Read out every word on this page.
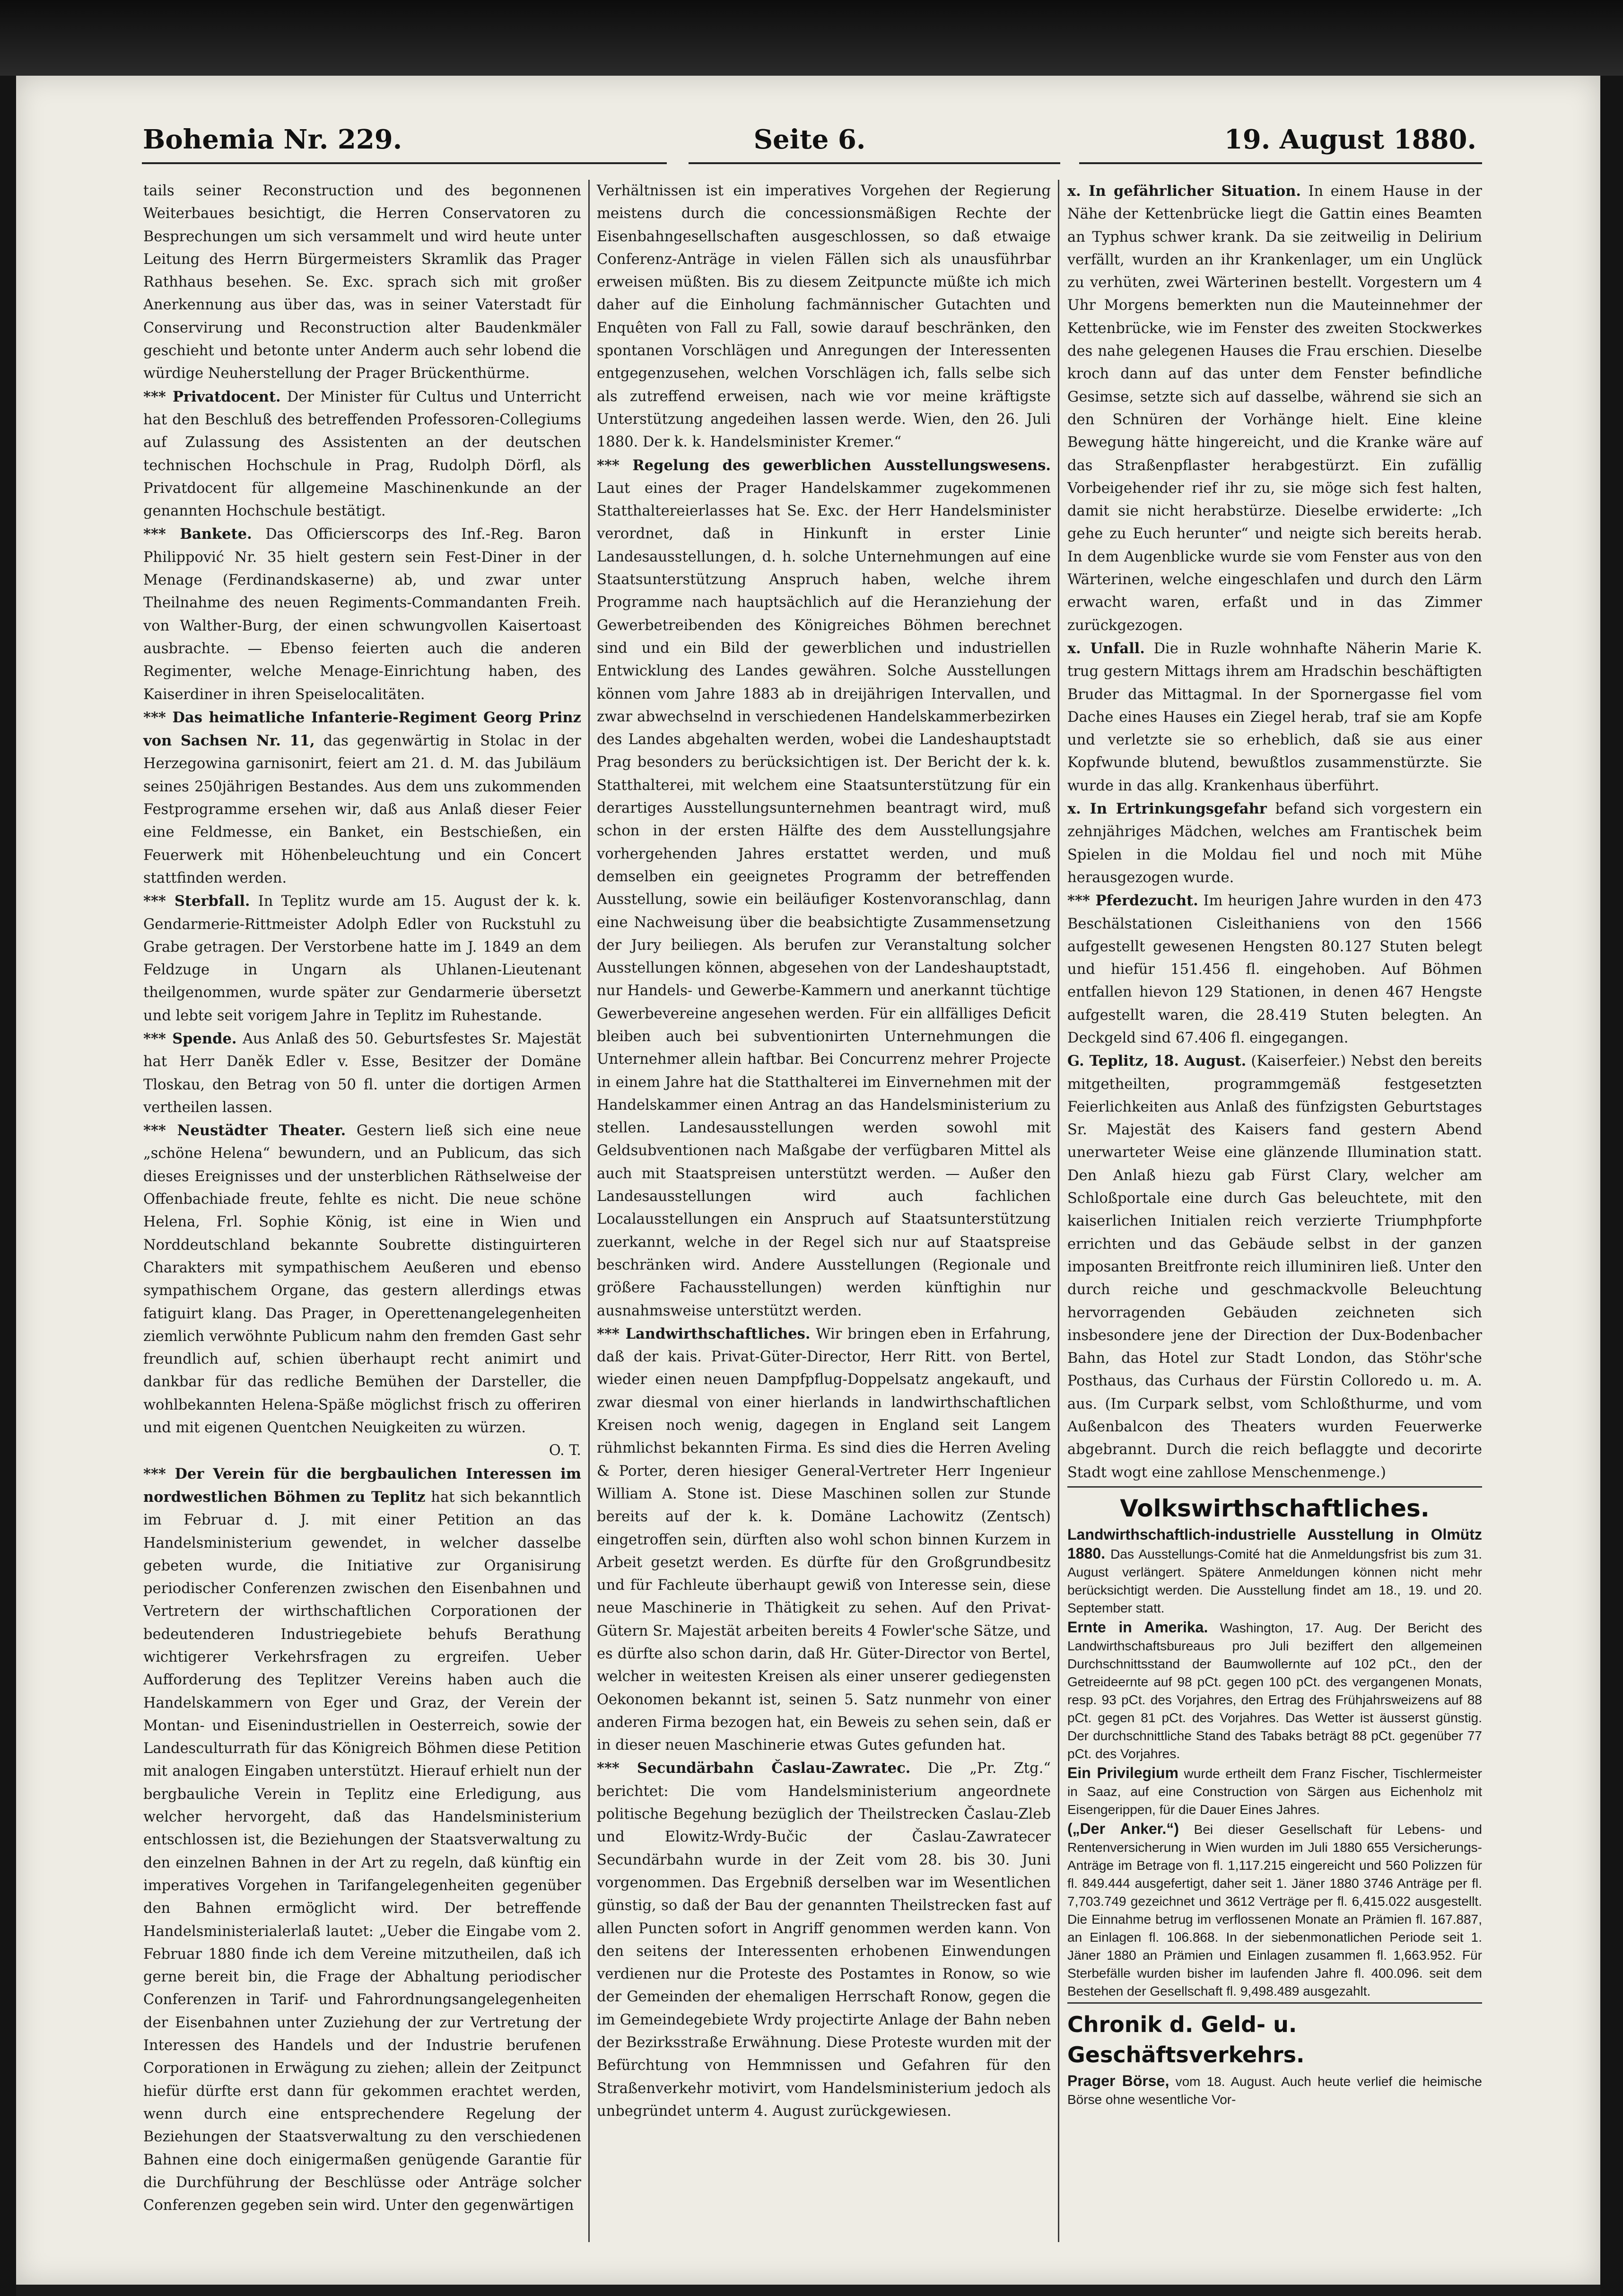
Bohemia Nr. 229.	Seite 6.	19. August 1880.

tails seiner Reconstruction und des begonnenen Weiterbaues besichtigt, die Herren Conservatoren zu Besprechungen um sich versammelt und wird heute unter Leitung des Herrn Bürgermeisters Skramlik das Prager Rathhaus besehen. Se. Exc. sprach sich mit großer Anerkennung aus über das, was in seiner Vaterstadt für Conservirung und Reconstruction alter Baudenkmäler geschieht und betonte unter Anderm auch sehr lobend die würdige Neuherstellung der Prager Brückenthürme.

*** Privatdocent. Der Minister für Cultus und Unterricht hat den Beschluß des betreffenden Professoren-Collegiums auf Zulassung des Assistenten an der deutschen technischen Hochschule in Prag, Rudolph Dörfl, als Privatdocent für allgemeine Maschinenkunde an der genannten Hochschule bestätigt.

*** Bankete. Das Officierscorps des Inf.-Reg. Baron Philippović Nr. 35 hielt gestern sein Fest-Diner in der Menage (Ferdinandskaserne) ab, und zwar unter Theilnahme des neuen Regiments-Commandanten Freih. von Walther-Burg, der einen schwungvollen Kaisertoast ausbrachte. — Ebenso feierten auch die anderen Regimenter, welche Menage-Einrichtung haben, des Kaiserdiner in ihren Speiselocalitäten.

*** Das heimatliche Infanterie-Regiment Georg Prinz von Sachsen Nr. 11, das gegenwärtig in Stolac in der Herzegowina garnisonirt, feiert am 21. d. M. das Jubiläum seines 250jährigen Bestandes. Aus dem uns zukommenden Festprogramme ersehen wir, daß aus Anlaß dieser Feier eine Feldmesse, ein Banket, ein Bestschießen, ein Feuerwerk mit Höhenbeleuchtung und ein Concert stattfinden werden.

*** Sterbfall. In Teplitz wurde am 15. August der k. k. Gendarmerie-Rittmeister Adolph Edler von Ruckstuhl zu Grabe getragen. Der Verstorbene hatte im J. 1849 an dem Feldzuge in Ungarn als Uhlanen-Lieutenant theilgenommen, wurde später zur Gendarmerie übersetzt und lebte seit vorigem Jahre in Teplitz im Ruhestande.

*** Spende. Aus Anlaß des 50. Geburtsfestes Sr. Majestät hat Herr Daněk Edler v. Esse, Besitzer der Domäne Tloskau, den Betrag von 50 fl. unter die dortigen Armen vertheilen lassen.

*** Neustädter Theater. Gestern ließ sich eine neue „schöne Helena“ bewundern, und an Publicum, das sich dieses Ereignisses und der unsterblichen Räthselweise der Offenbachiade freute, fehlte es nicht. Die neue schöne Helena, Frl. Sophie König, ist eine in Wien und Norddeutschland bekannte Soubrette distinguirteren Charakters mit sympathischem Aeußeren und ebenso sympathischem Organe, das gestern allerdings etwas fatiguirt klang. Das Prager, in Operettenangelegenheiten ziemlich verwöhnte Publicum nahm den fremden Gast sehr freundlich auf, schien überhaupt recht animirt und dankbar für das redliche Bemühen der Darsteller, die wohlbekannten Helena-Späße möglichst frisch zu offeriren und mit eigenen Quentchen Neuigkeiten zu würzen.

O. T.

*** Der Verein für die bergbaulichen Interessen im nordwestlichen Böhmen zu Teplitz hat sich bekanntlich im Februar d. J. mit einer Petition an das Handelsministerium gewendet, in welcher dasselbe gebeten wurde, die Initiative zur Organisirung periodischer Conferenzen zwischen den Eisenbahnen und Vertretern der wirthschaftlichen Corporationen der bedeutenderen Industriegebiete behufs Berathung wichtigerer Verkehrsfragen zu ergreifen. Ueber Aufforderung des Teplitzer Vereins haben auch die Handelskammern von Eger und Graz, der Verein der Montan- und Eisenindustriellen in Oesterreich, sowie der Landesculturrath für das Königreich Böhmen diese Petition mit analogen Eingaben unterstützt. Hierauf erhielt nun der bergbauliche Verein in Teplitz eine Erledigung, aus welcher hervorgeht, daß das Handelsministerium entschlossen ist, die Beziehungen der Staatsverwaltung zu den einzelnen Bahnen in der Art zu regeln, daß künftig ein imperatives Vorgehen in Tarifangelegenheiten gegenüber den Bahnen ermöglicht wird. Der betreffende Handelsministerialerlaß lautet: „Ueber die Eingabe vom 2. Februar 1880 finde ich dem Vereine mitzutheilen, daß ich gerne bereit bin, die Frage der Abhaltung periodischer Conferenzen in Tarif- und Fahrordnungsangelegenheiten der Eisenbahnen unter Zuziehung der zur Vertretung der Interessen des Handels und der Industrie berufenen Corporationen in Erwägung zu ziehen; allein der Zeitpunct hiefür dürfte erst dann für gekommen erachtet werden, wenn durch eine entsprechendere Regelung der Beziehungen der Staatsverwaltung zu den verschiedenen Bahnen eine doch einigermaßen genügende Garantie für die Durchführung der Beschlüsse oder Anträge solcher Conferenzen gegeben sein wird. Unter den gegenwärtigen

Verhältnissen ist ein imperatives Vorgehen der Regierung meistens durch die concessionsmäßigen Rechte der Eisenbahngesellschaften ausgeschlossen, so daß etwaige Conferenz-Anträge in vielen Fällen sich als unausführbar erweisen müßten. Bis zu diesem Zeitpuncte müßte ich mich daher auf die Einholung fachmännischer Gutachten und Enquêten von Fall zu Fall, sowie darauf beschränken, den spontanen Vorschlägen und Anregungen der Interessenten entgegenzusehen, welchen Vorschlägen ich, falls selbe sich als zutreffend erweisen, nach wie vor meine kräftigste Unterstützung angedeihen lassen werde. Wien, den 26. Juli 1880. Der k. k. Handelsminister Kremer.“

*** Regelung des gewerblichen Ausstellungswesens. Laut eines der Prager Handelskammer zugekommenen Statthaltereierlasses hat Se. Exc. der Herr Handelsminister verordnet, daß in Hinkunft in erster Linie Landesausstellungen, d. h. solche Unternehmungen auf eine Staatsunterstützung Anspruch haben, welche ihrem Programme nach hauptsächlich auf die Heranziehung der Gewerbetreibenden des Königreiches Böhmen berechnet sind und ein Bild der gewerblichen und industriellen Entwicklung des Landes gewähren. Solche Ausstellungen können vom Jahre 1883 ab in dreijährigen Intervallen, und zwar abwechselnd in verschiedenen Handelskammerbezirken des Landes abgehalten werden, wobei die Landeshauptstadt Prag besonders zu berücksichtigen ist. Der Bericht der k. k. Statthalterei, mit welchem eine Staatsunterstützung für ein derartiges Ausstellungsunternehmen beantragt wird, muß schon in der ersten Hälfte des dem Ausstellungsjahre vorhergehenden Jahres erstattet werden, und muß demselben ein geeignetes Programm der betreffenden Ausstellung, sowie ein beiläufiger Kostenvoranschlag, dann eine Nachweisung über die beabsichtigte Zusammensetzung der Jury beiliegen. Als berufen zur Veranstaltung solcher Ausstellungen können, abgesehen von der Landeshauptstadt, nur Handels- und Gewerbe-Kammern und anerkannt tüchtige Gewerbevereine angesehen werden. Für ein allfälliges Deficit bleiben auch bei subventionirten Unternehmungen die Unternehmer allein haftbar. Bei Concurrenz mehrer Projecte in einem Jahre hat die Statthalterei im Einvernehmen mit der Handelskammer einen Antrag an das Handelsministerium zu stellen. Landesausstellungen werden sowohl mit Geldsubventionen nach Maßgabe der verfügbaren Mittel als auch mit Staatspreisen unterstützt werden. — Außer den Landesausstellungen wird auch fachlichen Localausstellungen ein Anspruch auf Staatsunterstützung zuerkannt, welche in der Regel sich nur auf Staatspreise beschränken wird. Andere Ausstellungen (Regionale und größere Fachausstellungen) werden künftighin nur ausnahmsweise unterstützt werden.

*** Landwirthschaftliches. Wir bringen eben in Erfahrung, daß der kais. Privat-Güter-Director, Herr Ritt. von Bertel, wieder einen neuen Dampfpflug-Doppelsatz angekauft, und zwar diesmal von einer hierlands in landwirthschaftlichen Kreisen noch wenig, dagegen in England seit Langem rühmlichst bekannten Firma. Es sind dies die Herren Aveling & Porter, deren hiesiger General-Vertreter Herr Ingenieur William A. Stone ist. Diese Maschinen sollen zur Stunde bereits auf der k. k. Domäne Lachowitz (Zentsch) eingetroffen sein, dürften also wohl schon binnen Kurzem in Arbeit gesetzt werden. Es dürfte für den Großgrundbesitz und für Fachleute überhaupt gewiß von Interesse sein, diese neue Maschinerie in Thätigkeit zu sehen. Auf den Privat-Gütern Sr. Majestät arbeiten bereits 4 Fowler'sche Sätze, und es dürfte also schon darin, daß Hr. Güter-Director von Bertel, welcher in weitesten Kreisen als einer unserer gediegensten Oekonomen bekannt ist, seinen 5. Satz nunmehr von einer anderen Firma bezogen hat, ein Beweis zu sehen sein, daß er in dieser neuen Maschinerie etwas Gutes gefunden hat.

*** Secundärbahn Časlau-Zawratec. Die „Pr. Ztg.“ berichtet: Die vom Handelsministerium angeordnete politische Begehung bezüglich der Theilstrecken Časlau-Zleb und Elowitz-Wrdy-Bučic der Časlau-Zawratecer Secundärbahn wurde in der Zeit vom 28. bis 30. Juni vorgenommen. Das Ergebniß derselben war im Wesentlichen günstig, so daß der Bau der genannten Theilstrecken fast auf allen Puncten sofort in Angriff genommen werden kann. Von den seitens der Interessenten erhobenen Einwendungen verdienen nur die Proteste des Postamtes in Ronow, so wie der Gemeinden der ehemaligen Herrschaft Ronow, gegen die im Gemeindegebiete Wrdy projectirte Anlage der Bahn neben der Bezirksstraße Erwähnung. Diese Proteste wurden mit der Befürchtung von Hemmnissen und Gefahren für den Straßenverkehr motivirt, vom Handelsministerium jedoch als unbegründet unterm 4. August zurückgewiesen.

x. In gefährlicher Situation. In einem Hause in der Nähe der Kettenbrücke liegt die Gattin eines Beamten an Typhus schwer krank. Da sie zeitweilig in Delirium verfällt, wurden an ihr Krankenlager, um ein Unglück zu verhüten, zwei Wärterinen bestellt. Vorgestern um 4 Uhr Morgens bemerkten nun die Mauteinnehmer der Kettenbrücke, wie im Fenster des zweiten Stockwerkes des nahe gelegenen Hauses die Frau erschien. Dieselbe kroch dann auf das unter dem Fenster befindliche Gesimse, setzte sich auf dasselbe, während sie sich an den Schnüren der Vorhänge hielt. Eine kleine Bewegung hätte hingereicht, und die Kranke wäre auf das Straßenpflaster herabgestürzt. Ein zufällig Vorbeigehender rief ihr zu, sie möge sich fest halten, damit sie nicht herabstürze. Dieselbe erwiderte: „Ich gehe zu Euch herunter“ und neigte sich bereits herab. In dem Augenblicke wurde sie vom Fenster aus von den Wärterinen, welche eingeschlafen und durch den Lärm erwacht waren, erfaßt und in das Zimmer zurückgezogen.

x. Unfall. Die in Ruzle wohnhafte Näherin Marie K. trug gestern Mittags ihrem am Hradschin beschäftigten Bruder das Mittagmal. In der Spornergasse fiel vom Dache eines Hauses ein Ziegel herab, traf sie am Kopfe und verletzte sie so erheblich, daß sie aus einer Kopfwunde blutend, bewußtlos zusammenstürzte. Sie wurde in das allg. Krankenhaus überführt.

x. In Ertrinkungsgefahr befand sich vorgestern ein zehnjähriges Mädchen, welches am Frantischek beim Spielen in die Moldau fiel und noch mit Mühe herausgezogen wurde.

*** Pferdezucht. Im heurigen Jahre wurden in den 473 Beschälstationen Cisleithaniens von den 1566 aufgestellt gewesenen Hengsten 80.127 Stuten belegt und hiefür 151.456 fl. eingehoben. Auf Böhmen entfallen hievon 129 Stationen, in denen 467 Hengste aufgestellt waren, die 28.419 Stuten belegten. An Deckgeld sind 67.406 fl. eingegangen.

G. Teplitz, 18. August. (Kaiserfeier.) Nebst den bereits mitgetheilten, programmgemäß festgesetzten Feierlichkeiten aus Anlaß des fünfzigsten Geburtstages Sr. Majestät des Kaisers fand gestern Abend unerwarteter Weise eine glänzende Illumination statt. Den Anlaß hiezu gab Fürst Clary, welcher am Schloßportale eine durch Gas beleuchtete, mit den kaiserlichen Initialen reich verzierte Triumphpforte errichten und das Gebäude selbst in der ganzen imposanten Breitfronte reich illuminiren ließ. Unter den durch reiche und geschmackvolle Beleuchtung hervorragenden Gebäuden zeichneten sich insbesondere jene der Direction der Dux-Bodenbacher Bahn, das Hotel zur Stadt London, das Stöhr'sche Posthaus, das Curhaus der Fürstin Colloredo u. m. A. aus. (Im Curpark selbst, vom Schloßthurme, und vom Außenbalcon des Theaters wurden Feuerwerke abgebrannt. Durch die reich beflaggte und decorirte Stadt wogt eine zahllose Menschenmenge.)

Volkswirthschaftliches.

Landwirthschaftlich-industrielle Ausstellung in Olmütz 1880. Das Ausstellungs-Comité hat die Anmeldungsfrist bis zum 31. August verlängert. Spätere Anmeldungen können nicht mehr berücksichtigt werden. Die Ausstellung findet am 18., 19. und 20. September statt.

Ernte in Amerika. Washington, 17. Aug. Der Bericht des Landwirthschaftsbureaus pro Juli beziffert den allgemeinen Durchschnittsstand der Baumwollernte auf 102 pCt., den der Getreideernte auf 98 pCt. gegen 100 pCt. des vergangenen Monats, resp. 93 pCt. des Vorjahres, den Ertrag des Frühjahrsweizens auf 88 pCt. gegen 81 pCt. des Vorjahres. Das Wetter ist äusserst günstig. Der durchschnittliche Stand des Tabaks beträgt 88 pCt. gegenüber 77 pCt. des Vorjahres.

Ein Privilegium wurde ertheilt dem Franz Fischer, Tischlermeister in Saaz, auf eine Construction von Särgen aus Eichenholz mit Eisengerippen, für die Dauer Eines Jahres.

(„Der Anker.“) Bei dieser Gesellschaft für Lebens- und Rentenversicherung in Wien wurden im Juli 1880 655 Versicherungs-Anträge im Betrage von fl. 1,117.215 eingereicht und 560 Polizzen für fl. 849.444 ausgefertigt, daher seit 1. Jäner 1880 3746 Anträge per fl. 7,703.749 gezeichnet und 3612 Verträge per fl. 6,415.022 ausgestellt. Die Einnahme betrug im verflossenen Monate an Prämien fl. 167.887, an Einlagen fl. 106.868. In der siebenmonatlichen Periode seit 1. Jäner 1880 an Prämien und Einlagen zusammen fl. 1,663.952. Für Sterbefälle wurden bisher im laufenden Jahre fl. 400.096. seit dem Bestehen der Gesellschaft fl. 9,498.489 ausgezahlt.

Chronik d. Geld- u. Geschäftsverkehrs.

Prager Börse, vom 18. August. Auch heute verlief die heimische Börse ohne wesentliche Vor-
